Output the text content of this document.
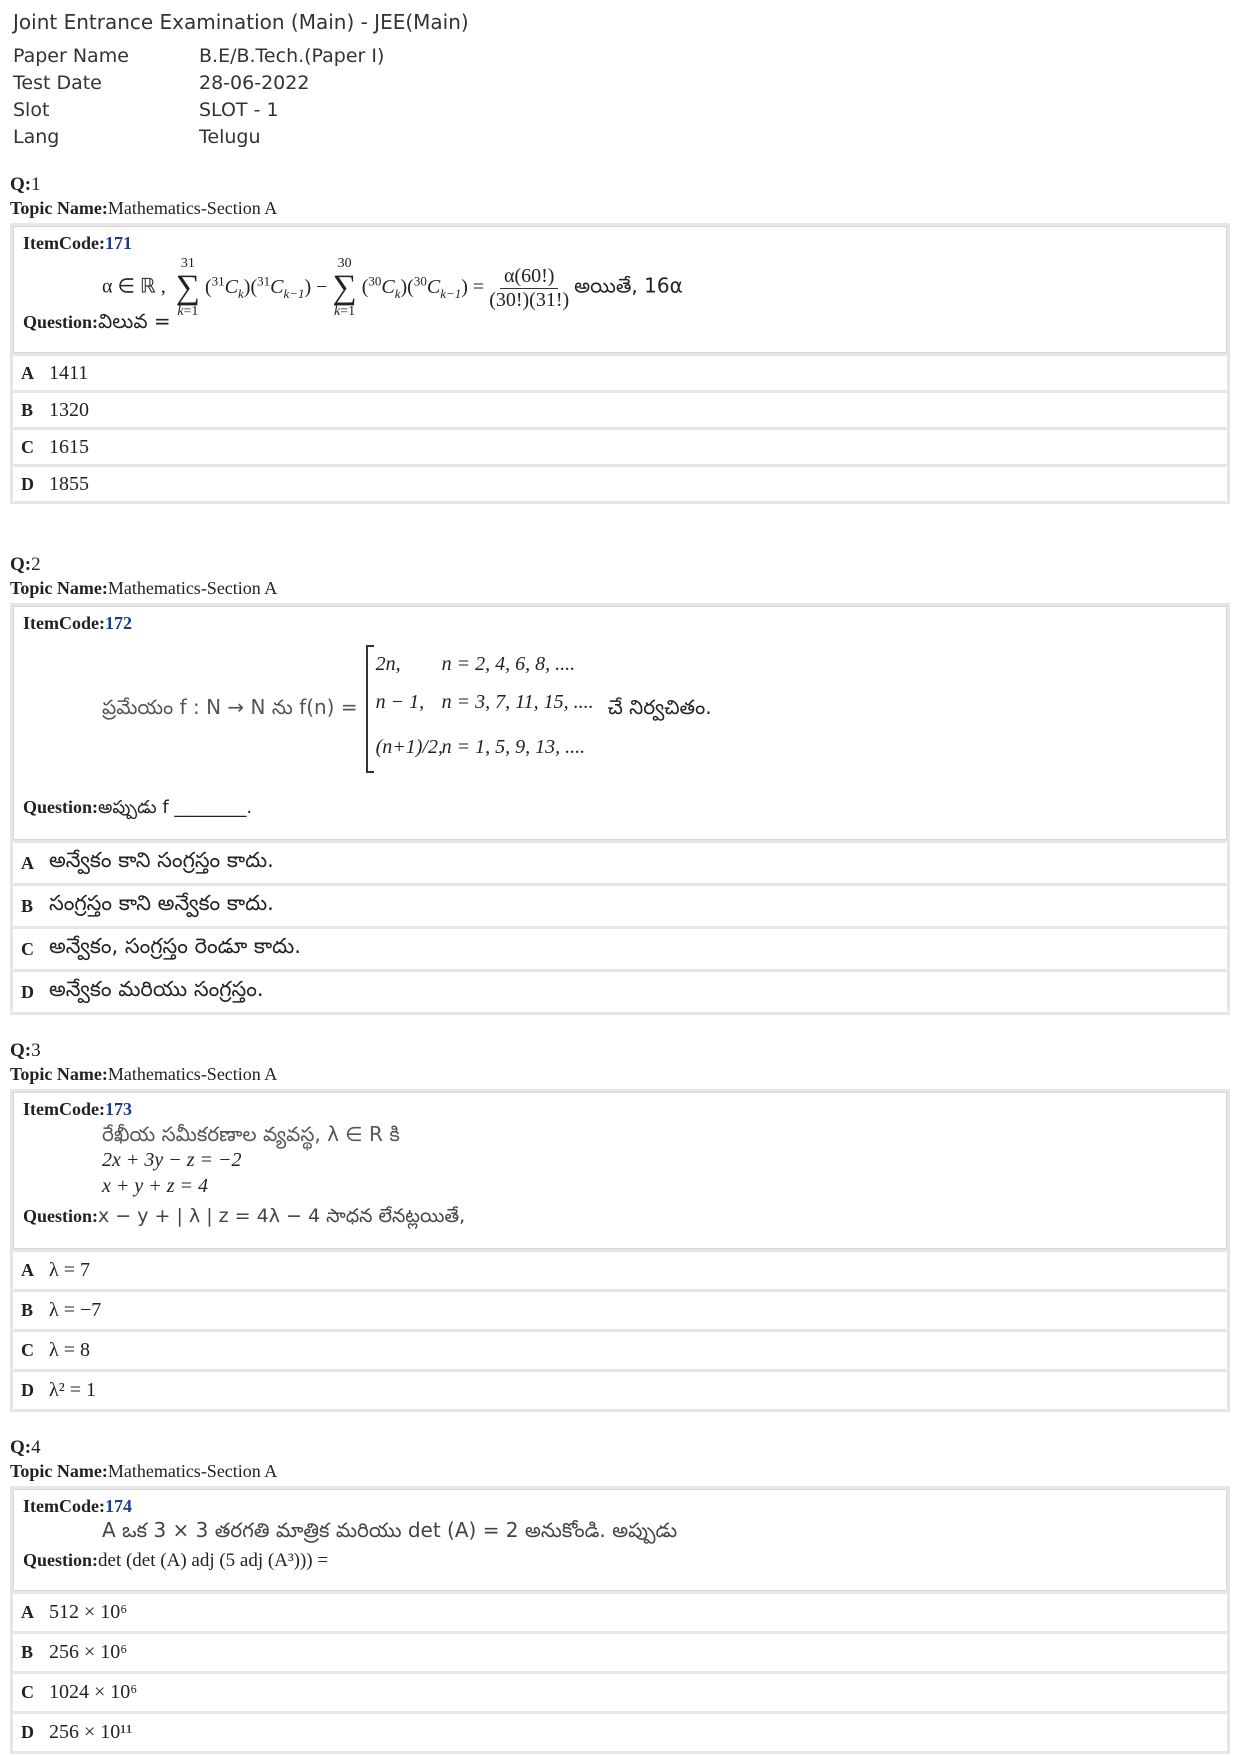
Joint Entrance Examination (Main) - JEE(Main)
Paper Name	B.E/B.Tech.(Paper I)
Test Date	28-06-2022
Slot	SLOT - 1
Lang	Telugu
Q:1
Topic Name:Mathematics-Section A
ItemCode:171
α ∈ ℝ ,
31
∑
k=1
$(^{31}C_k)(^{31}C_{k-1})$ −
30
∑
k=1
$(^{30}C_k)(^{30}C_{k-1}) = \frac{\alpha(60!)}{(30!)(31!)}$ అయితే, 16α
Question:విలువ =
A 1411
B 1320
C 1615
D 1855
Q:2
Topic Name:Mathematics-Section A
ItemCode:172
ప్రమేయం f : N → N ను f(n) =
2n,	n = 2, 4, 6, 8, ....
n − 1, n = 3, 7, 11, 15, ....
(n+1)/2,
n = 1, 5, 9, 13, ....
చే నిర్వచితం.
Question:అప్పుడు f ________.
A అన్వేకం కాని సంగ్రస్తం కాదు.
B సంగ్రస్తం కాని అన్వేకం కాదు.
C అన్వేకం, సంగ్రస్తం రెండూ కాదు.
D అన్వేకం మరియు సంగ్రస్తం.
Q:3
Topic Name:Mathematics-Section A
ItemCode:173
రేఖీయ సమీకరణాల వ్యవస్థ, λ ∈ R కి
2x + 3y − z = −2
x + y + z = 4
Question:x − y + | λ | z = 4λ − 4 సాధన లేనట్లయితే,
A λ = 7
B λ = −7
C λ = 8
D λ² = 1
Q:4
Topic Name:Mathematics-Section A
ItemCode:174
A ఒక 3 × 3 తరగతి మాత్రిక మరియు det (A) = 2 అనుకోండి. అప్పుడు
Question:det (det (A) adj (5 adj (A³))) =
A 512 × 10⁶
B 256 × 10⁶
C 1024 × 10⁶
D 256 × 10¹¹
